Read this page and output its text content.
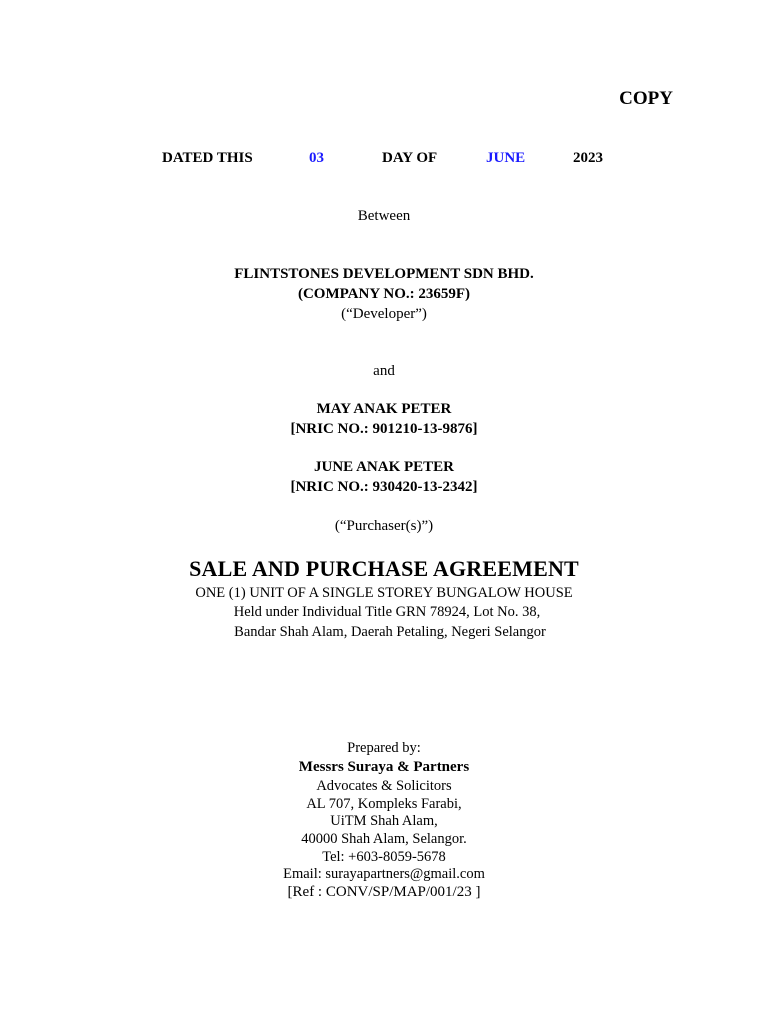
COPY
DATED THIS	03	DAY OF	JUNE	2023
Between
FLINTSTONES DEVELOPMENT SDN BHD.
(COMPANY NO.: 23659F)
(“Developer”)
and
MAY ANAK PETER
[NRIC NO.: 901210-13-9876]
JUNE ANAK PETER
[NRIC NO.: 930420-13-2342]
(“Purchaser(s)”)
SALE AND PURCHASE AGREEMENT
ONE (1) UNIT OF A SINGLE STOREY BUNGALOW HOUSE
Held under Individual Title GRN 78924, Lot No. 38,
Bandar Shah Alam, Daerah Petaling, Negeri Selangor
Prepared by:
Messrs Suraya & Partners
Advocates & Solicitors
AL 707, Kompleks Farabi,
UiTM Shah Alam,
40000 Shah Alam, Selangor.
Tel: +603-8059-5678
Email: surayapartners@gmail.com
[Ref : CONV/SP/MAP/001/23 ]
